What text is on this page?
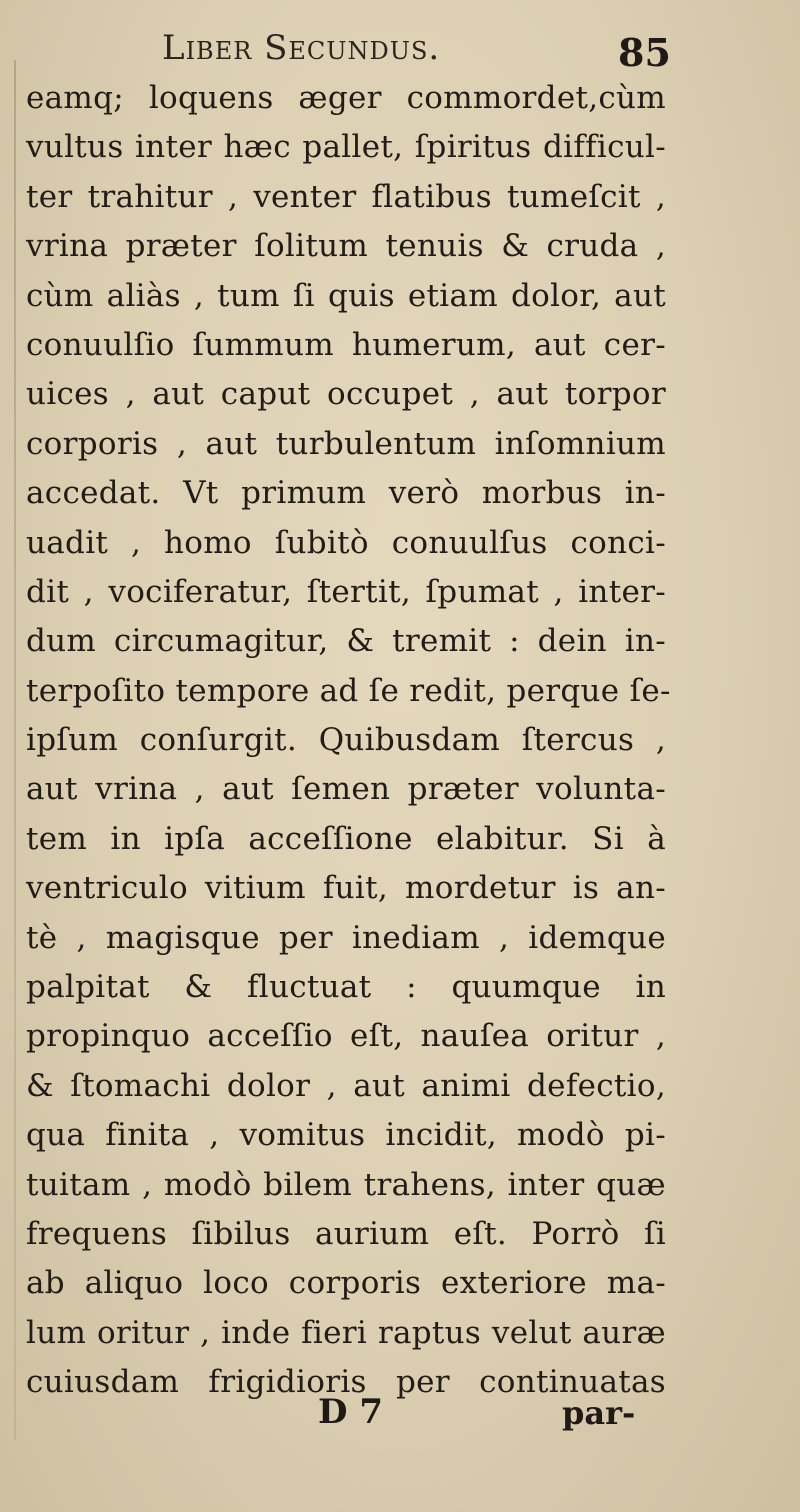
Liber Secundus.	85
eamq; loquens æger commordet,cùm
vultus inter hæc pallet, ſpiritus difficul-
ter trahitur , venter flatibus tumeſcit ,
vrina præter ſolitum tenuis & cruda ,
cùm aliàs , tum ſi quis etiam dolor, aut
conuulſio ſummum humerum, aut cer-
uices , aut caput occupet , aut torpor
corporis , aut turbulentum inſomnium
accedat. Vt primum verò morbus in-
uadit , homo ſubitò conuulſus conci-
dit , vociferatur, ſtertit, ſpumat , inter-
dum circumagitur, & tremit : dein in-
terpoſito tempore ad ſe redit, perque ſe-
ipſum conſurgit. Quibusdam ſtercus ,
aut vrina , aut ſemen præter volunta-
tem in ipſa acceſſione elabitur. Si à
ventriculo vitium fuit, mordetur is an-
tè , magisque per inediam , idemque
palpitat & fluctuat : quumque in
propinquo acceſſio eſt, nauſea oritur ,
& ſtomachi dolor , aut animi defectio,
qua finita , vomitus incidit, modò pi-
tuitam , modò bilem trahens, inter quæ
frequens ſibilus aurium eſt. Porrò ſi
ab aliquo loco corporis exteriore ma-
lum oritur , inde fieri raptus velut auræ
cuiusdam frigidioris per continuatas
D 7	par-
